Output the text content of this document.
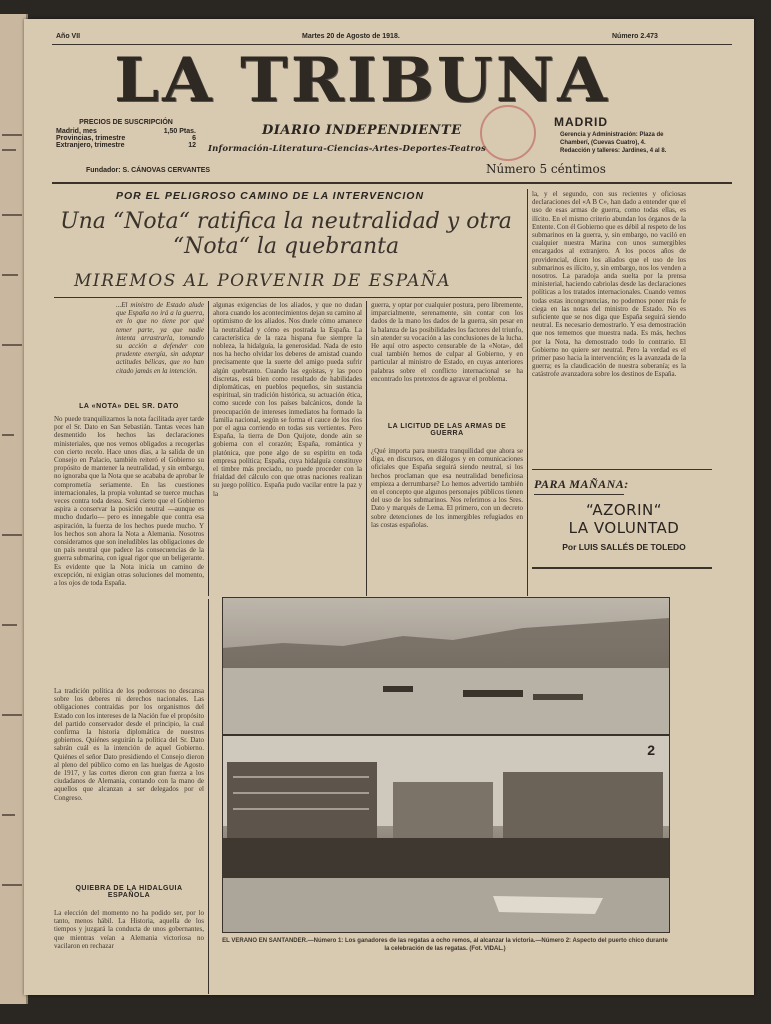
Año VII	Martes 20 de Agosto de 1918.	Número 2.473
LA TRIBUNA
PRECIOS DE SUSCRIPCIÓN
Madrid, mes	1,50 Ptas.
Provincias, trimestre	6
Extranjero, trimestre	12
DIARIO INDEPENDIENTE
Información-Literatura-Ciencias-Artes-Deportes-Teatros
MADRID
Gerencia y Administración: Plaza de
Chamberí, (Cuevas Cuatro), 4.
Redacción y talleres: Jardines, 4 al 8.
Fundador: S. CÁNOVAS CERVANTES	Número 5 céntimos
POR EL PELIGROSO CAMINO DE LA INTERVENCION
Una “Nota“ ratifica la neutralidad y otra
“Nota“ la quebranta
MIREMOS AL PORVENIR DE ESPAÑA
...El ministro de Estado alude que España no irá a la guerra, en lo que no tiene por qué temer parte, ya que nadie intenta arrastrarla, tomando su acción a defender con prudente energía, sin adoptar actitudes bélicas, que no han citado jamás en la intención.
LA «NOTA» DEL SR. DATO
No puede tranquilizarnos la nota facilitada ayer tarde por el Sr. Dato en San Sebastián. Tantas veces han desmentido los hechos las declaraciones ministeriales, que nos vemos obligados a recogerlas con cierto recelo. Hace unos días, a la salida de un Consejo en Palacio, también reiteró el Gobierno su propósito de mantener la neutralidad, y sin embargo, no ignoraba que la Nota que se acababa de aprobar le comprometía seriamente. En las cuestiones internacionales, la propia voluntad se tuerce muchas veces contra toda desea. Será cierto que el Gobierno aspira a conservar la posición neutral —aunque es mucho dudarlo— pero es innegable que contra esa aspiración, la fuerza de los hechos puede mucho. Y los hechos son ahora la Nota a Alemania. Nosotros consideramos que son ineludibles las obligaciones de un país neutral que padece las consecuencias de la guerra submarina, con igual rigor que un beligerante. Es evidente que la Nota inicia un camino de excepción, ni exigían otras soluciones del momento, a los ojos de toda España.
La tradición política de los poderosos no descansa sobre los deberes ni derechos nacionales. Las obligaciones contraídas por los organismos del Estado con los intereses de la Nación fue el propósito del partido conservador desde el principio, la cual confirma la historia diplomática de nuestros gobiernos. Quiénes seguirán la política del Sr. Dato sabrán cuál es la intención de aquel Gobierno. Quiénes el señor Dato presidiendo el Consejo dieron al pleno del público como en las huelgas de Agosto de 1917, y las cortes dieron con gran fuerza a los ciudadanos de Alemania, contando con la mano de aquellos que alcanzan a ser delegados por el Congreso.
QUIEBRA DE LA HIDALGUIA ESPAÑOLA
La elección del momento no ha podido ser, por lo tanto, menos hábil. La Historia, aquella de los tiempos y juzgará la conducta de unos gobernantes, que mientras veían a Alemania victoriosa no vacilaron en rechazar
algunas exigencias de los aliados, y que no dudan ahora cuando los acontecimientos dejan su camino al optimismo de los aliados. Nos duele cómo amanece la neutralidad y cómo es postrada la España. La característica de la raza hispana fue siempre la nobleza, la hidalguía, la generosidad. Nada de esto nos ha hecho olvidar los deberes de amistad cuando precisamente que la suerte del amigo pueda sufrir algún quebranto. Cuando las egoístas, y las poco discretas, está bien como resultado de habilidades diplomáticas, en pueblos pequeños, sin sustancia espiritual, sin tradición histórica, su actuación ética, como sucede con los países balcánicos, donde la preocupación de intereses inmediatos ha formado la familia nacional, según se forma el cauce de los ríos por el agua corriendo en todas sus vertientes. Pero España, la tierra de Don Quijote, donde aún se gobierna con el corazón; España, romántica y platónica, que pone algo de su espíritu en toda empresa política; España, cuya hidalguía constituye el timbre más preciado, no puede proceder con la frialdad del cálculo con que otras naciones realizan su juego político. España pudo vacilar entre la paz y la
guerra, y optar por cualquier postura, pero libremente, imparcialmente, serenamente, sin contar con los dados de la mano los dados de la guerra, sin pesar en la balanza de las posibilidades los factores del triunfo, sin atender su vocación a las conclusiones de la lucha. He aquí otro aspecto censurable de la «Nota», del cual también hemos de culpar al Gobierno, y en particular al ministro de Estado, en cuyas anteriores palabras sobre el conflicto internacional se ha encontrado los pretextos de agravar el problema.
LA LICITUD DE LAS ARMAS DE GUERRA
¿Qué importa para nuestra tranquilidad que ahora se diga, en discursos, en diálogos y en comunicaciones oficiales que España seguirá siendo neutral, si los hechos proclaman que esa neutralidad beneficiosa empieza a derrumbarse? Lo hemos advertido también en el concepto que algunos personajes públicos tienen del uso de los submarinos. Nos referimos a los Sres. Dato y marqués de Lema. El primero, con un decreto sobre detenciones de los inmergibles refugiados en las costas españolas.
la, y el segundo, con sus recientes y oficiosas declaraciones del «A B C», han dado a entender que el uso de esas armas de guerra, como todas ellas, es ilícito. En el mismo criterio abundan los órganos de la Entente. Con él Gobierno que es débil al respeto de los submarinos en la guerra, y, sin embargo, no vaciló en cualquier nuestra Marina con unos sumergibles encargados al extranjero. A los pocos años de providencial, dicen los aliados que el uso de los submarinos es ilícito, y, sin embargo, nos los venden a nosotros. La paradoja anda suelta por la prensa ministerial, haciendo cabriolas desde las declaraciones políticas a los tratados internacionales. Cuando vemos todas estas incongruencias, no podemos poner más fe ciega en las notas del ministro de Estado. No es suficiente que se nos diga que España seguirá siendo neutral. Es necesario demostrarlo. Y esa demostración que nos tememos que muestra nada. Es más, hechos por la Nota, ha demostrado todo lo contrario. El Gobierno no quiere ser neutral. Pero la verdad es el primer paso hacia la intervención; es la avanzada de la guerra; es la claudicación de nuestra soberanía; es la catástrofe avanzadora sobre los destinos de España.
PARA MAÑANA:
“AZORIN“
LA VOLUNTAD
Por LUIS SALLÉS DE TOLEDO
2
EL VERANO EN SANTANDER.—Número 1: Los ganadores de las regatas a ocho remos, al alcanzar la victoria.—Número 2: Aspecto del puerto chico durante la celebración de las regatas. (Fot. VIDAL.)
